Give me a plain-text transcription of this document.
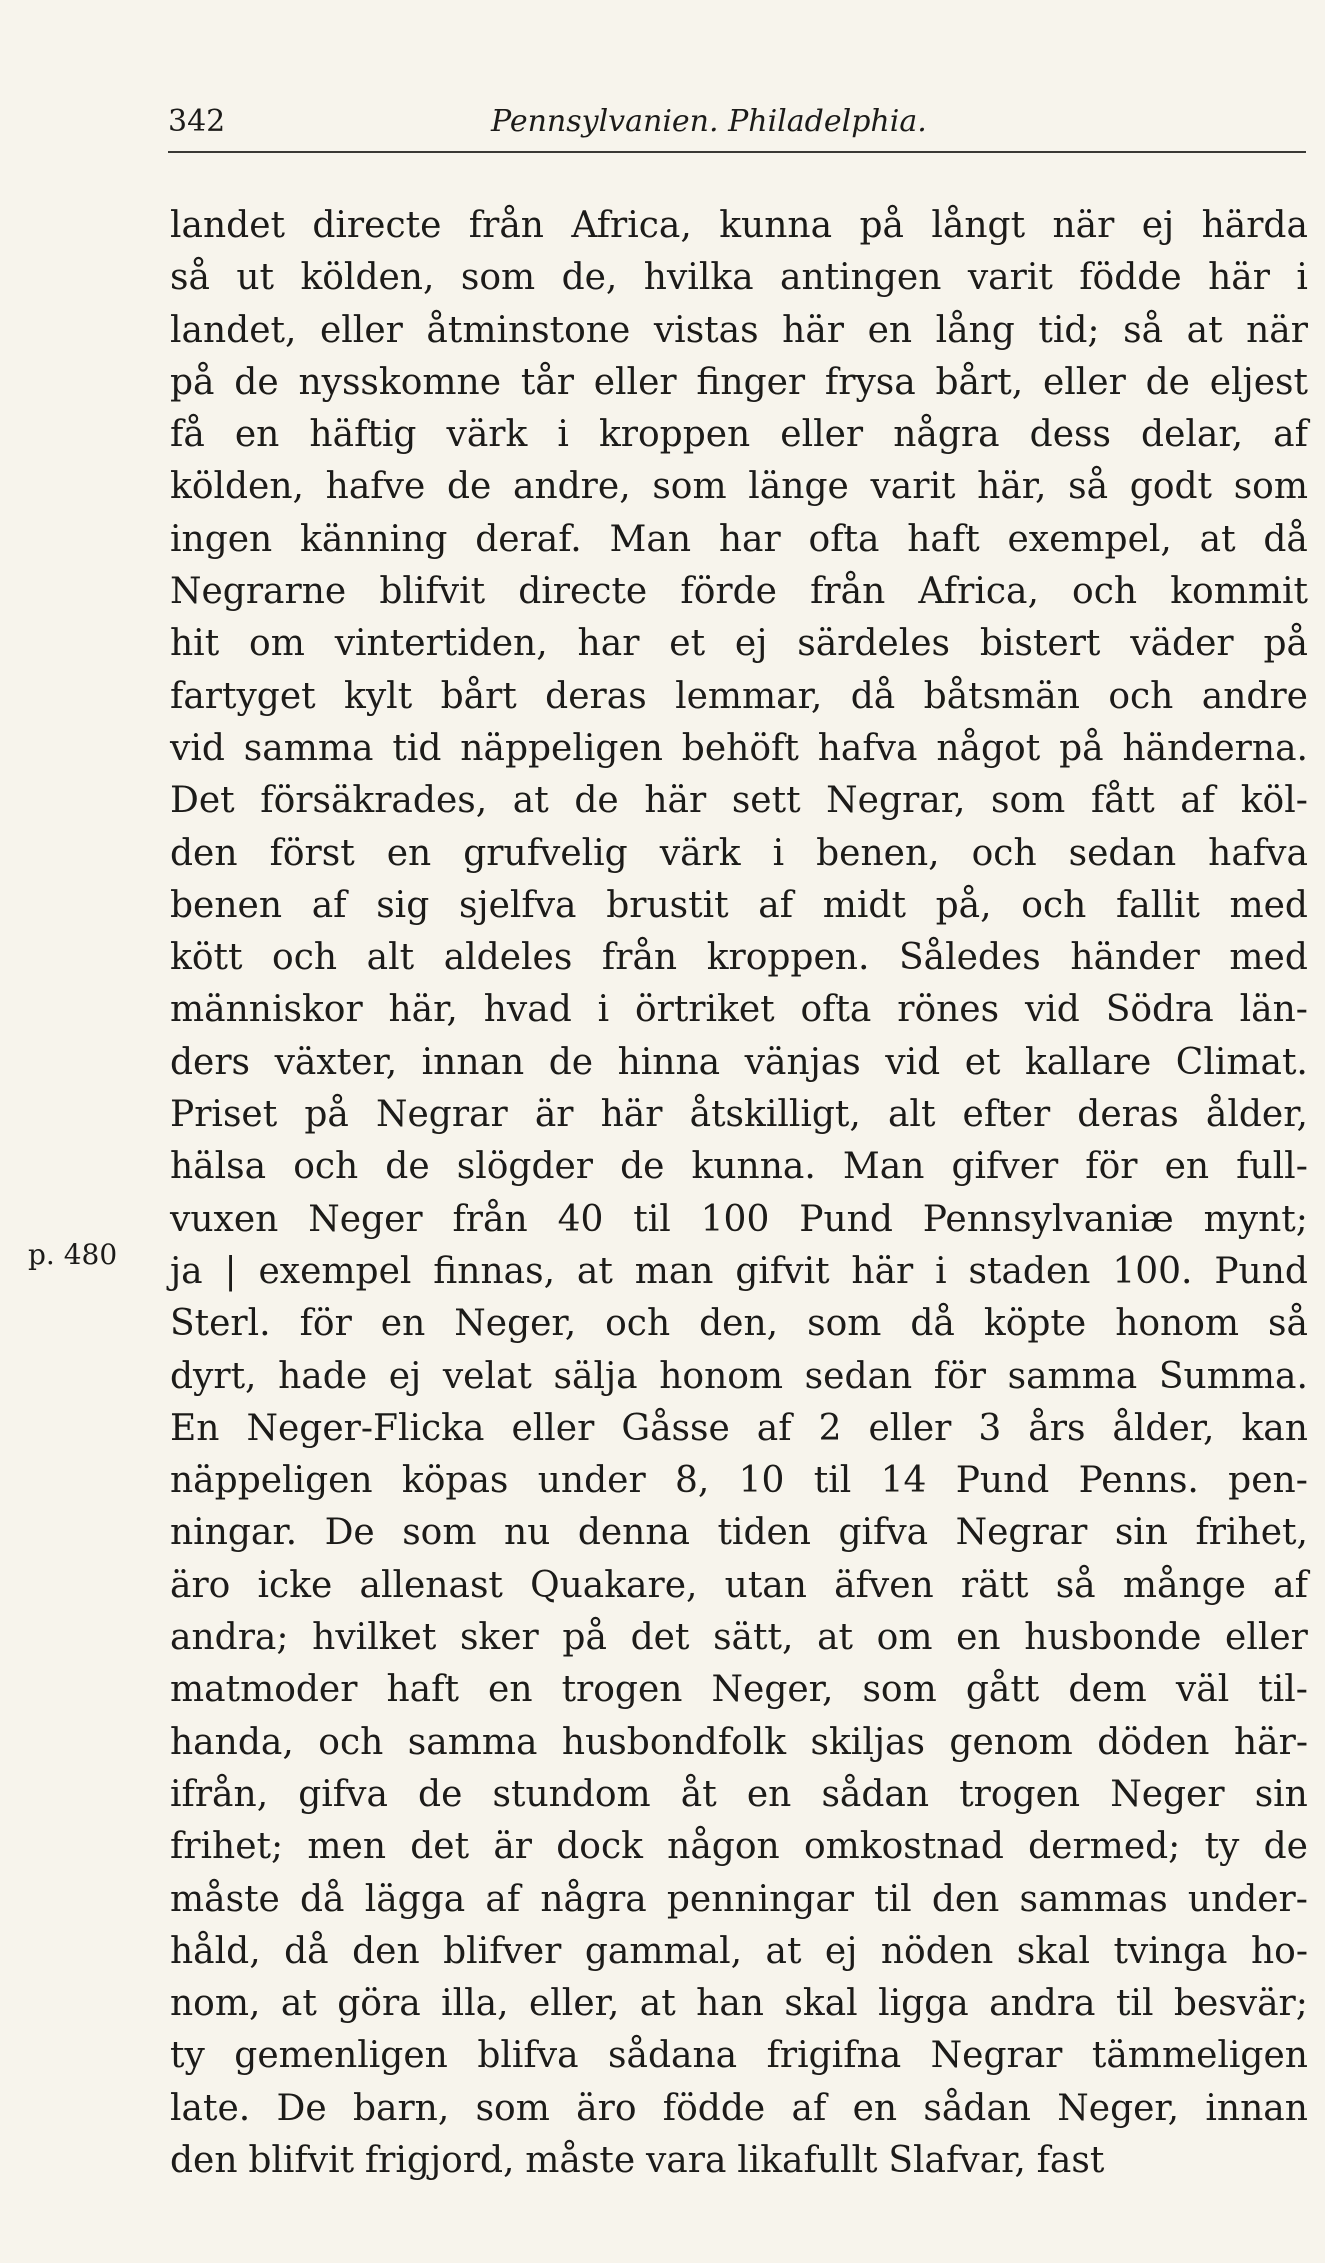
342	Pennsylvanien. Philadelphia.
p. 480
landet directe från Africa, kunna på långt när ej härda
så ut kölden, som de, hvilka antingen varit födde här i
landet, eller åtminstone vistas här en lång tid; så at när
på de nysskomne tår eller finger frysa bårt, eller de eljest
få en häftig värk i kroppen eller några dess delar, af
kölden, hafve de andre, som länge varit här, så godt som
ingen känning deraf. Man har ofta haft exempel, at då
Negrarne blifvit directe förde från Africa, och kommit
hit om vintertiden, har et ej särdeles bistert väder på
fartyget kylt bårt deras lemmar, då båtsmän och andre
vid samma tid näppeligen behöft hafva något på händerna.
Det försäkrades, at de här sett Negrar, som fått af köl-
den först en grufvelig värk i benen, och sedan hafva
benen af sig sjelfva brustit af midt på, och fallit med
kött och alt aldeles från kroppen. Således händer med
människor här, hvad i örtriket ofta rönes vid Södra län-
ders växter, innan de hinna vänjas vid et kallare Climat.
Priset på Negrar är här åtskilligt, alt efter deras ålder,
hälsa och de slögder de kunna. Man gifver för en full-
vuxen Neger från 40 til 100 Pund Pennsylvaniæ mynt;
ja | exempel finnas, at man gifvit här i staden 100. Pund
Sterl. för en Neger, och den, som då köpte honom så
dyrt, hade ej velat sälja honom sedan för samma Summa.
En Neger-Flicka eller Gåsse af 2 eller 3 års ålder, kan
näppeligen köpas under 8, 10 til 14 Pund Penns. pen-
ningar. De som nu denna tiden gifva Negrar sin frihet,
äro icke allenast Quakare, utan äfven rätt så månge af
andra; hvilket sker på det sätt, at om en husbonde eller
matmoder haft en trogen Neger, som gått dem väl til-
handa, och samma husbondfolk skiljas genom döden här-
ifrån, gifva de stundom åt en sådan trogen Neger sin
frihet; men det är dock någon omkostnad dermed; ty de
måste då lägga af några penningar til den sammas under-
håld, då den blifver gammal, at ej nöden skal tvinga ho-
nom, at göra illa, eller, at han skal ligga andra til besvär;
ty gemenligen blifva sådana frigifna Negrar tämmeligen
late. De barn, som äro födde af en sådan Neger, innan
den blifvit frigjord, måste vara likafullt Slafvar, fast
